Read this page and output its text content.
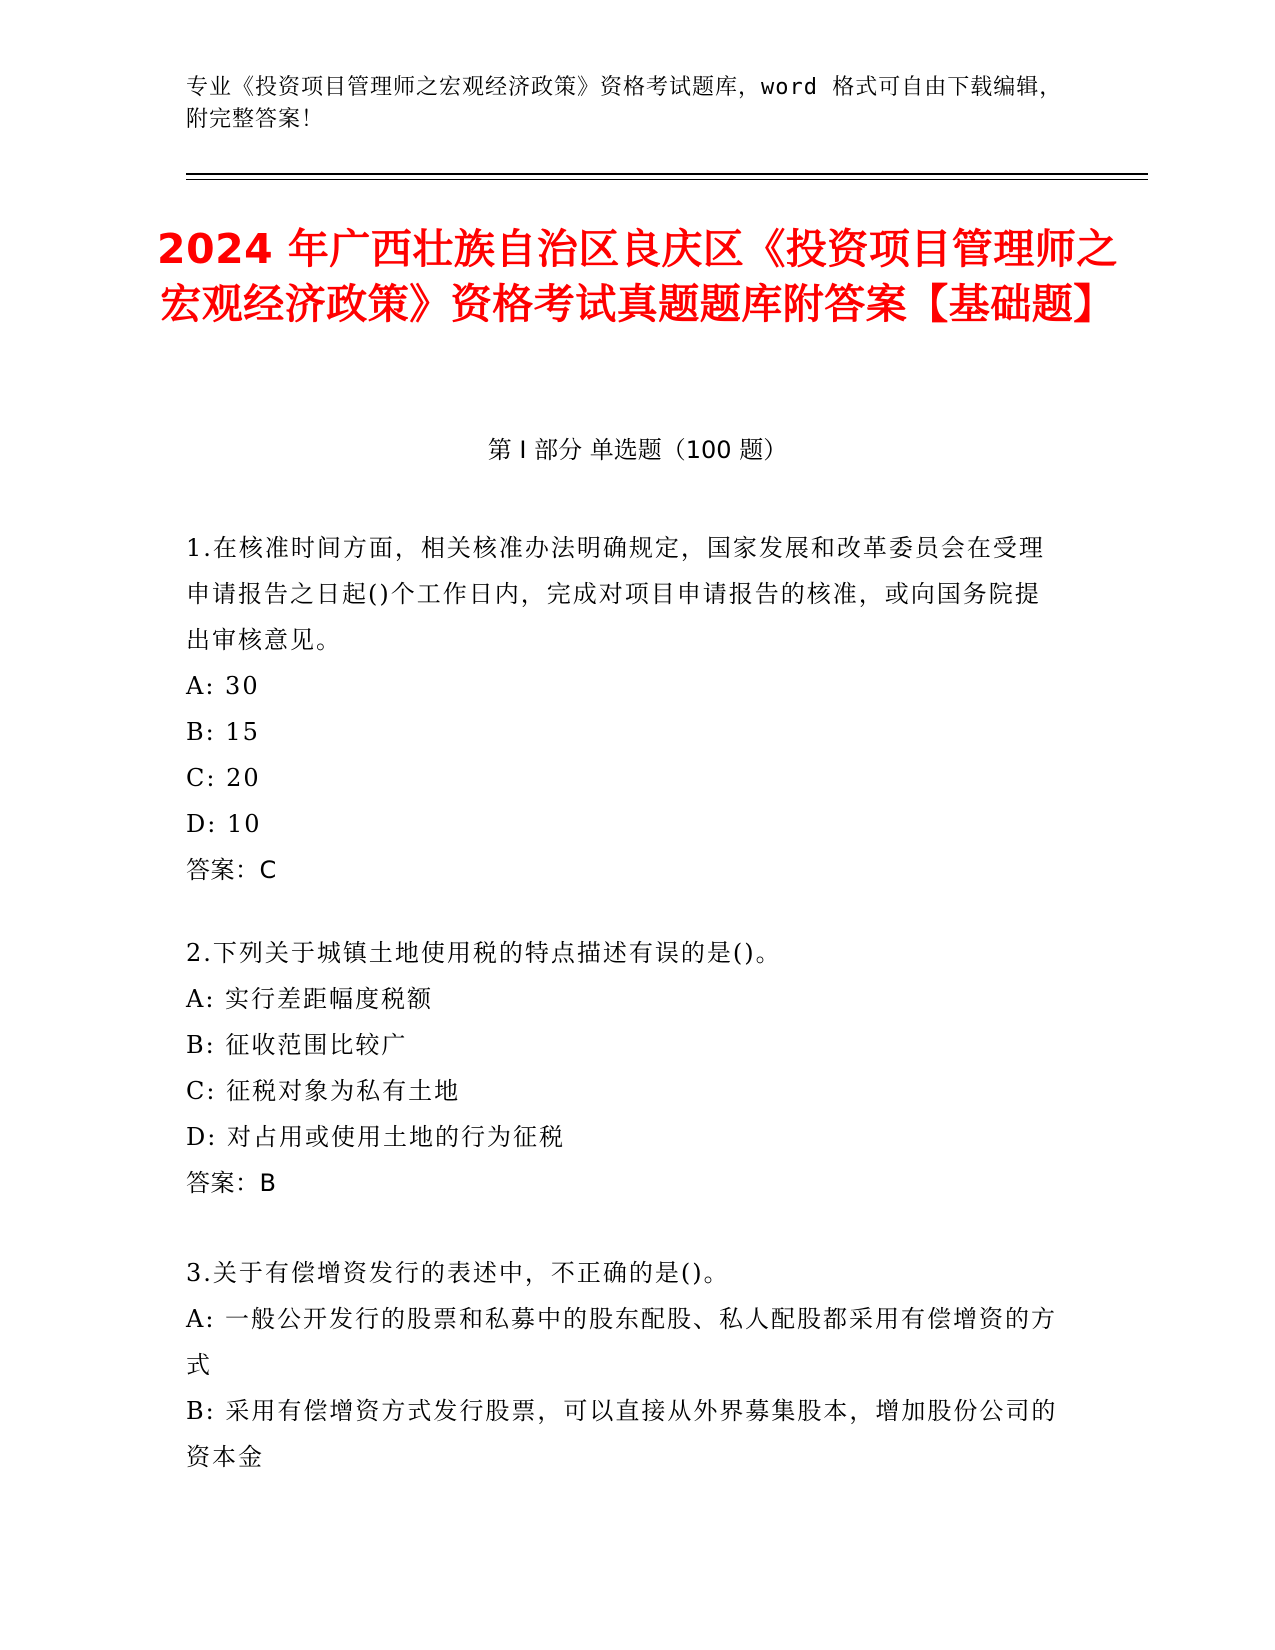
专业《投资项目管理师之宏观经济政策》资格考试题库，word 格式可自由下载编辑，附完整答案！
2024 年广西壮族自治区良庆区《投资项目管理师之宏观经济政策》资格考试真题题库附答案【基础题】
第 I 部分 单选题（100 题）
1.在核准时间方面，相关核准办法明确规定，国家发展和改革委员会在受理申请报告之日起()个工作日内，完成对项目申请报告的核准，或向国务院提出审核意见。
A: 30
B: 15
C: 20
D: 10
答案：C
2.下列关于城镇土地使用税的特点描述有误的是()。
A: 实行差距幅度税额
B: 征收范围比较广
C: 征税对象为私有土地
D: 对占用或使用土地的行为征税
答案：B
3.关于有偿增资发行的表述中，不正确的是()。
A: 一般公开发行的股票和私募中的股东配股、私人配股都采用有偿增资的方式
B: 采用有偿增资方式发行股票，可以直接从外界募集股本，增加股份公司的资本金
